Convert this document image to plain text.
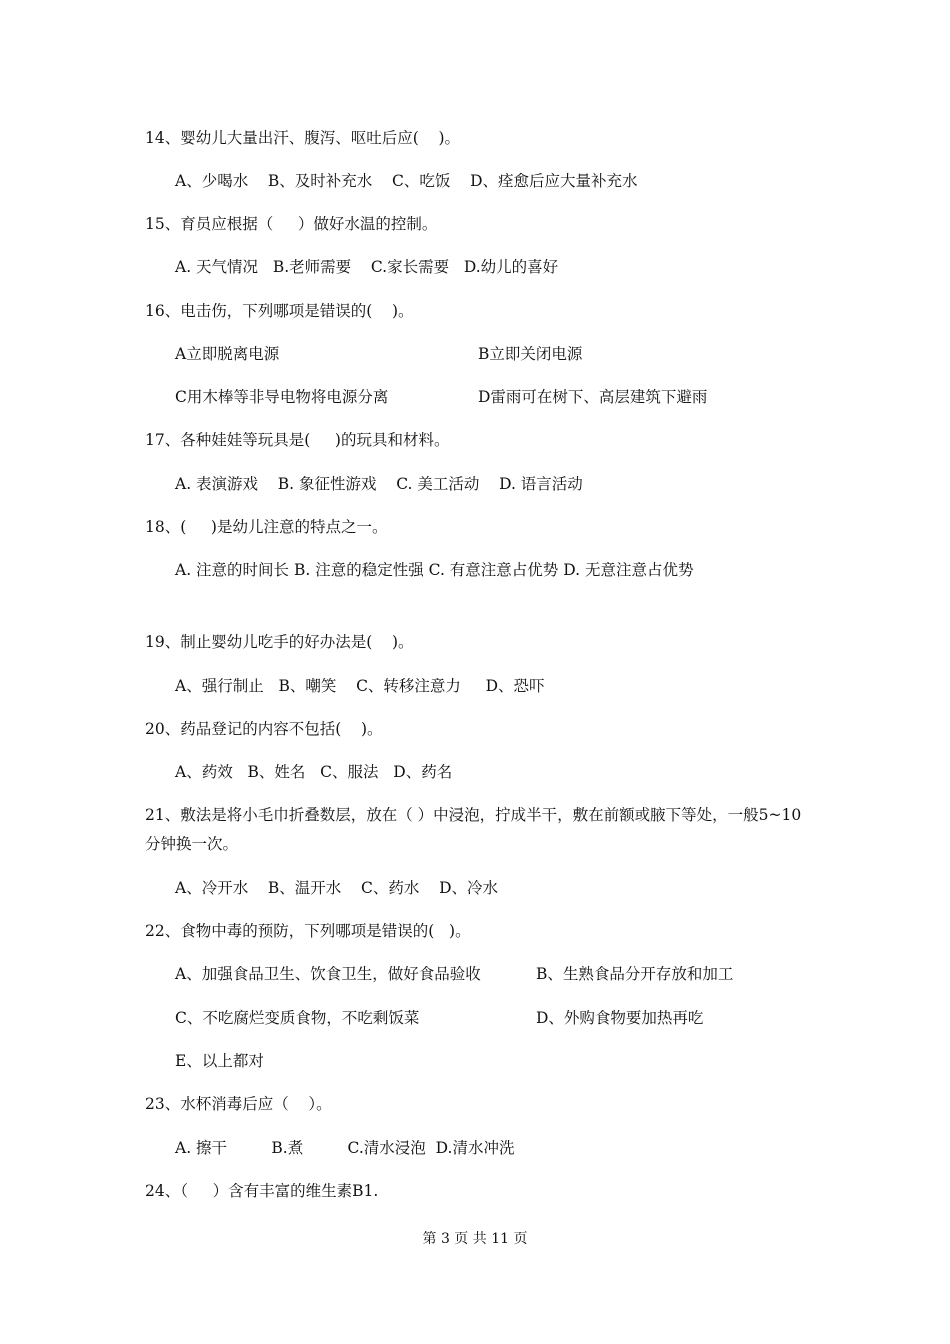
14、婴幼儿大量出汗、腹泻、呕吐后应(    )。
A、少喝水    B、及时补充水    C、吃饭    D、痊愈后应大量补充水
15、育员应根据（     ）做好水温的控制。
A. 天气情况   B.老师需要    C.家长需要   D.幼儿的喜好
16、电击伤，下列哪项是错误的(    )。
A立即脱离电源	B立即关闭电源
C用木棒等非导电物将电源分离	D雷雨可在树下、高层建筑下避雨
17、各种娃娃等玩具是(     )的玩具和材料。
A. 表演游戏    B. 象征性游戏    C. 美工活动    D. 语言活动
18、(     )是幼儿注意的特点之一。
A. 注意的时间长 B. 注意的稳定性强 C. 有意注意占优势 D. 无意注意占优势
19、制止婴幼儿吃手的好办法是(    )。
A、强行制止   B、嘲笑    C、转移注意力     D、恐吓
20、药品登记的内容不包括(    )。
A、药效   B、姓名   C、服法   D、药名
21、敷法是将小毛巾折叠数层，放在（ ）中浸泡，拧成半干，敷在前额或腋下等处，一般5~10分钟换一次。
A、冷开水    B、温开水    C、药水    D、冷水
22、食物中毒的预防，下列哪项是错误的(   )。
A、加强食品卫生、饮食卫生，做好食品验收	B、生熟食品分开存放和加工
C、不吃腐烂变质食物，不吃剩饭菜	D、外购食物要加热再吃
E、以上都对
23、水杯消毒后应（    ）。
A. 擦干         B.煮         C.清水浸泡  D.清水冲洗
24、（     ）含有丰富的维生素B1.
第 3 页 共 11 页
